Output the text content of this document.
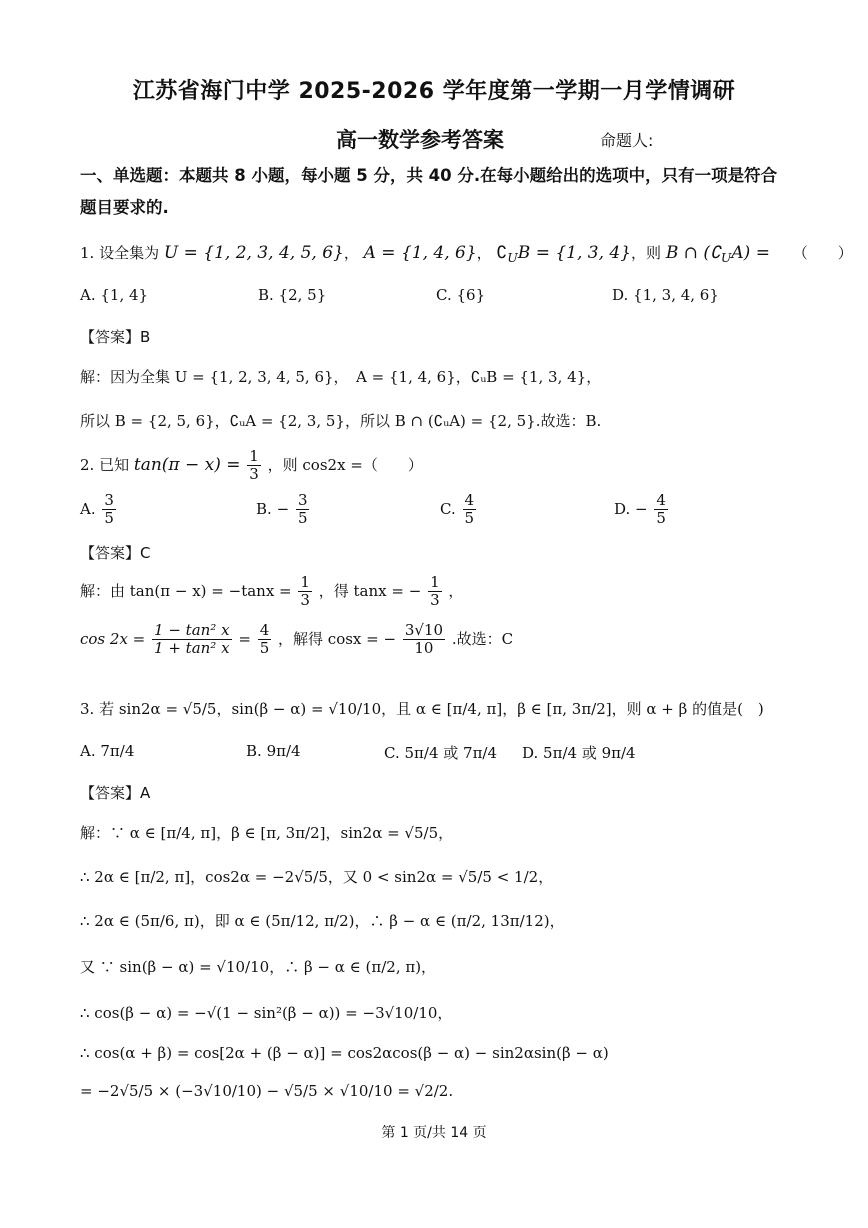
江苏省海门中学 2025-2026 学年度第一学期一月学情调研
高一数学参考答案	命题人:
一、单选题：本题共 8 小题，每小题 5 分，共 40 分.在每小题给出的选项中，只有一项是符合
题目要求的.
1. 设全集为 U = {1, 2, 3, 4, 5, 6}， A = {1, 4, 6}， $∁_UB = \{1$, 3, 4}，则 B ∩ $(∁_UA)$ = （　　）
A. {1, 4}	B. {2, 5}	C. {6}	D. {1, 3, 4, 6}
【答案】B
解：因为全集 U = {1, 2, 3, 4, 5, 6}，　A = {1, 4, 6}，∁ᵤB = {1, 3, 4}，
所以 B = {2, 5, 6}，∁ᵤA = {2, 3, 5}，所以 B ∩ (∁ᵤA) = {2, 5}.故选：B.
2. 已知 $\tan(\pi - x) = \frac{1}{3}$ ，则 cos2x =（　　）
A. $\frac{3}{5}$	B. − $\frac{3}{5}$	C. $\frac{4}{5}$	D. − $\frac{4}{5}$
【答案】C
解：由 $\tan(\pi - x) = -\tan x = \frac{1}{3}$ ，得 tanx = − $\frac{1}{3}$ ，
$\cos 2x = \frac{\text{1 − tan² x}}{\text{1 + tan² x}} = \frac{4}{5}$ ，解得 cosx = − $\frac{3√10}{10}$ .故选：C
3. 若 sin2α = √5/5，sin(β − α) = √10/10，且 α ∈ [π/4, π]，β ∈ [π, 3π/2]，则 α + β 的值是(　)
A. 7π/4	B. 9π/4	C. 5π/4 或 7π/4 D. 5π/4 或 9π/4
【答案】A
解：∵ α ∈ [π/4, π]，β ∈ [π, 3π/2]，sin2α = √5/5，
∴ 2α ∈ [π/2, π]，cos2α = −2√5/5，又 0 < sin2α = √5/5 < 1/2，
∴ 2α ∈ (5π/6, π)，即 α ∈ (5π/12, π/2)，∴ β − α ∈ (π/2, 13π/12)，
又 ∵ sin(β − α) = √10/10，∴ β − α ∈ (π/2, π)，
∴ cos(β − α) = −√(1 − sin²(β − α)) = −3√10/10，
∴ cos(α + β) = cos[2α + (β − α)] = cos2αcos(β − α) − sin2αsin(β − α)
= −2√5/5 × (−3√10/10) − √5/5 × √10/10 = √2/2.
第 1 页/共 14 页
